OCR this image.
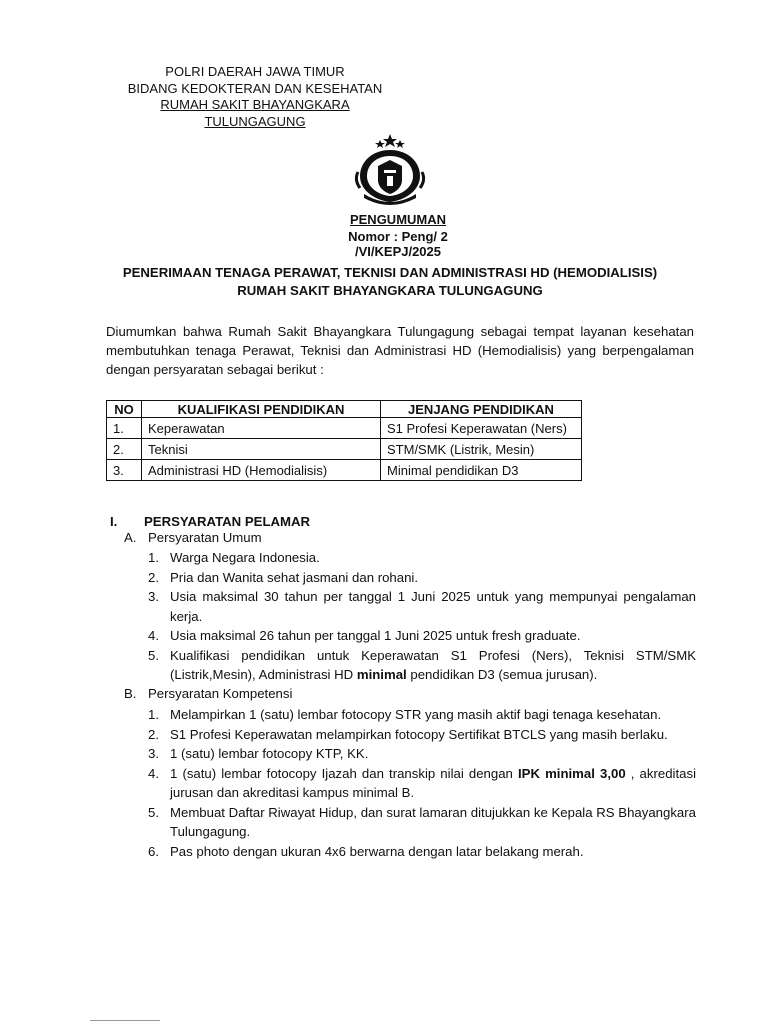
POLRI DAERAH JAWA TIMUR
BIDANG KEDOKTERAN DAN KESEHATAN
RUMAH SAKIT BHAYANGKARA TULUNGAGUNG
PENGUMUMAN
Nomor : Peng/ 2 /VI/KEPJ/2025
PENERIMAAN TENAGA PERAWAT, TEKNISI DAN ADMINISTRASI HD (HEMODIALISIS)
RUMAH SAKIT BHAYANGKARA TULUNGAGUNG
Diumumkan bahwa Rumah Sakit Bhayangkara Tulungagung sebagai tempat layanan kesehatan membutuhkan tenaga Perawat, Teknisi dan Administrasi HD (Hemodialisis) yang berpengalaman dengan persyaratan sebagai berikut :
NO	KUALIFIKASI PENDIDIKAN	JENJANG PENDIDIKAN
1.	Keperawatan	S1 Profesi Keperawatan (Ners)
2.	Teknisi	STM/SMK (Listrik, Mesin)
3.	Administrasi HD (Hemodialisis)	Minimal pendidikan D3
I. PERSYARATAN PELAMAR
A. Persyaratan Umum
1. Warga Negara Indonesia.
2. Pria dan Wanita sehat jasmani dan rohani.
3. Usia maksimal 30 tahun per tanggal 1 Juni 2025 untuk yang mempunyai pengalaman kerja.
4. Usia maksimal 26 tahun per tanggal 1 Juni 2025 untuk fresh graduate.
5. Kualifikasi pendidikan untuk Keperawatan S1 Profesi (Ners), Teknisi STM/SMK (Listrik,Mesin), Administrasi HD minimal pendidikan D3 (semua jurusan).
B. Persyaratan Kompetensi
1. Melampirkan 1 (satu) lembar fotocopy STR yang masih aktif bagi tenaga kesehatan.
2. S1 Profesi Keperawatan melampirkan fotocopy Sertifikat BTCLS yang masih berlaku.
3. 1 (satu) lembar fotocopy KTP, KK.
4. 1 (satu) lembar fotocopy Ijazah dan transkip nilai dengan IPK minimal 3,00 , akreditasi jurusan dan akreditasi kampus minimal B.
5. Membuat Daftar Riwayat Hidup, dan surat lamaran ditujukkan ke Kepala RS Bhayangkara Tulungagung.
6. Pas photo dengan ukuran 4x6 berwarna dengan latar belakang merah.
